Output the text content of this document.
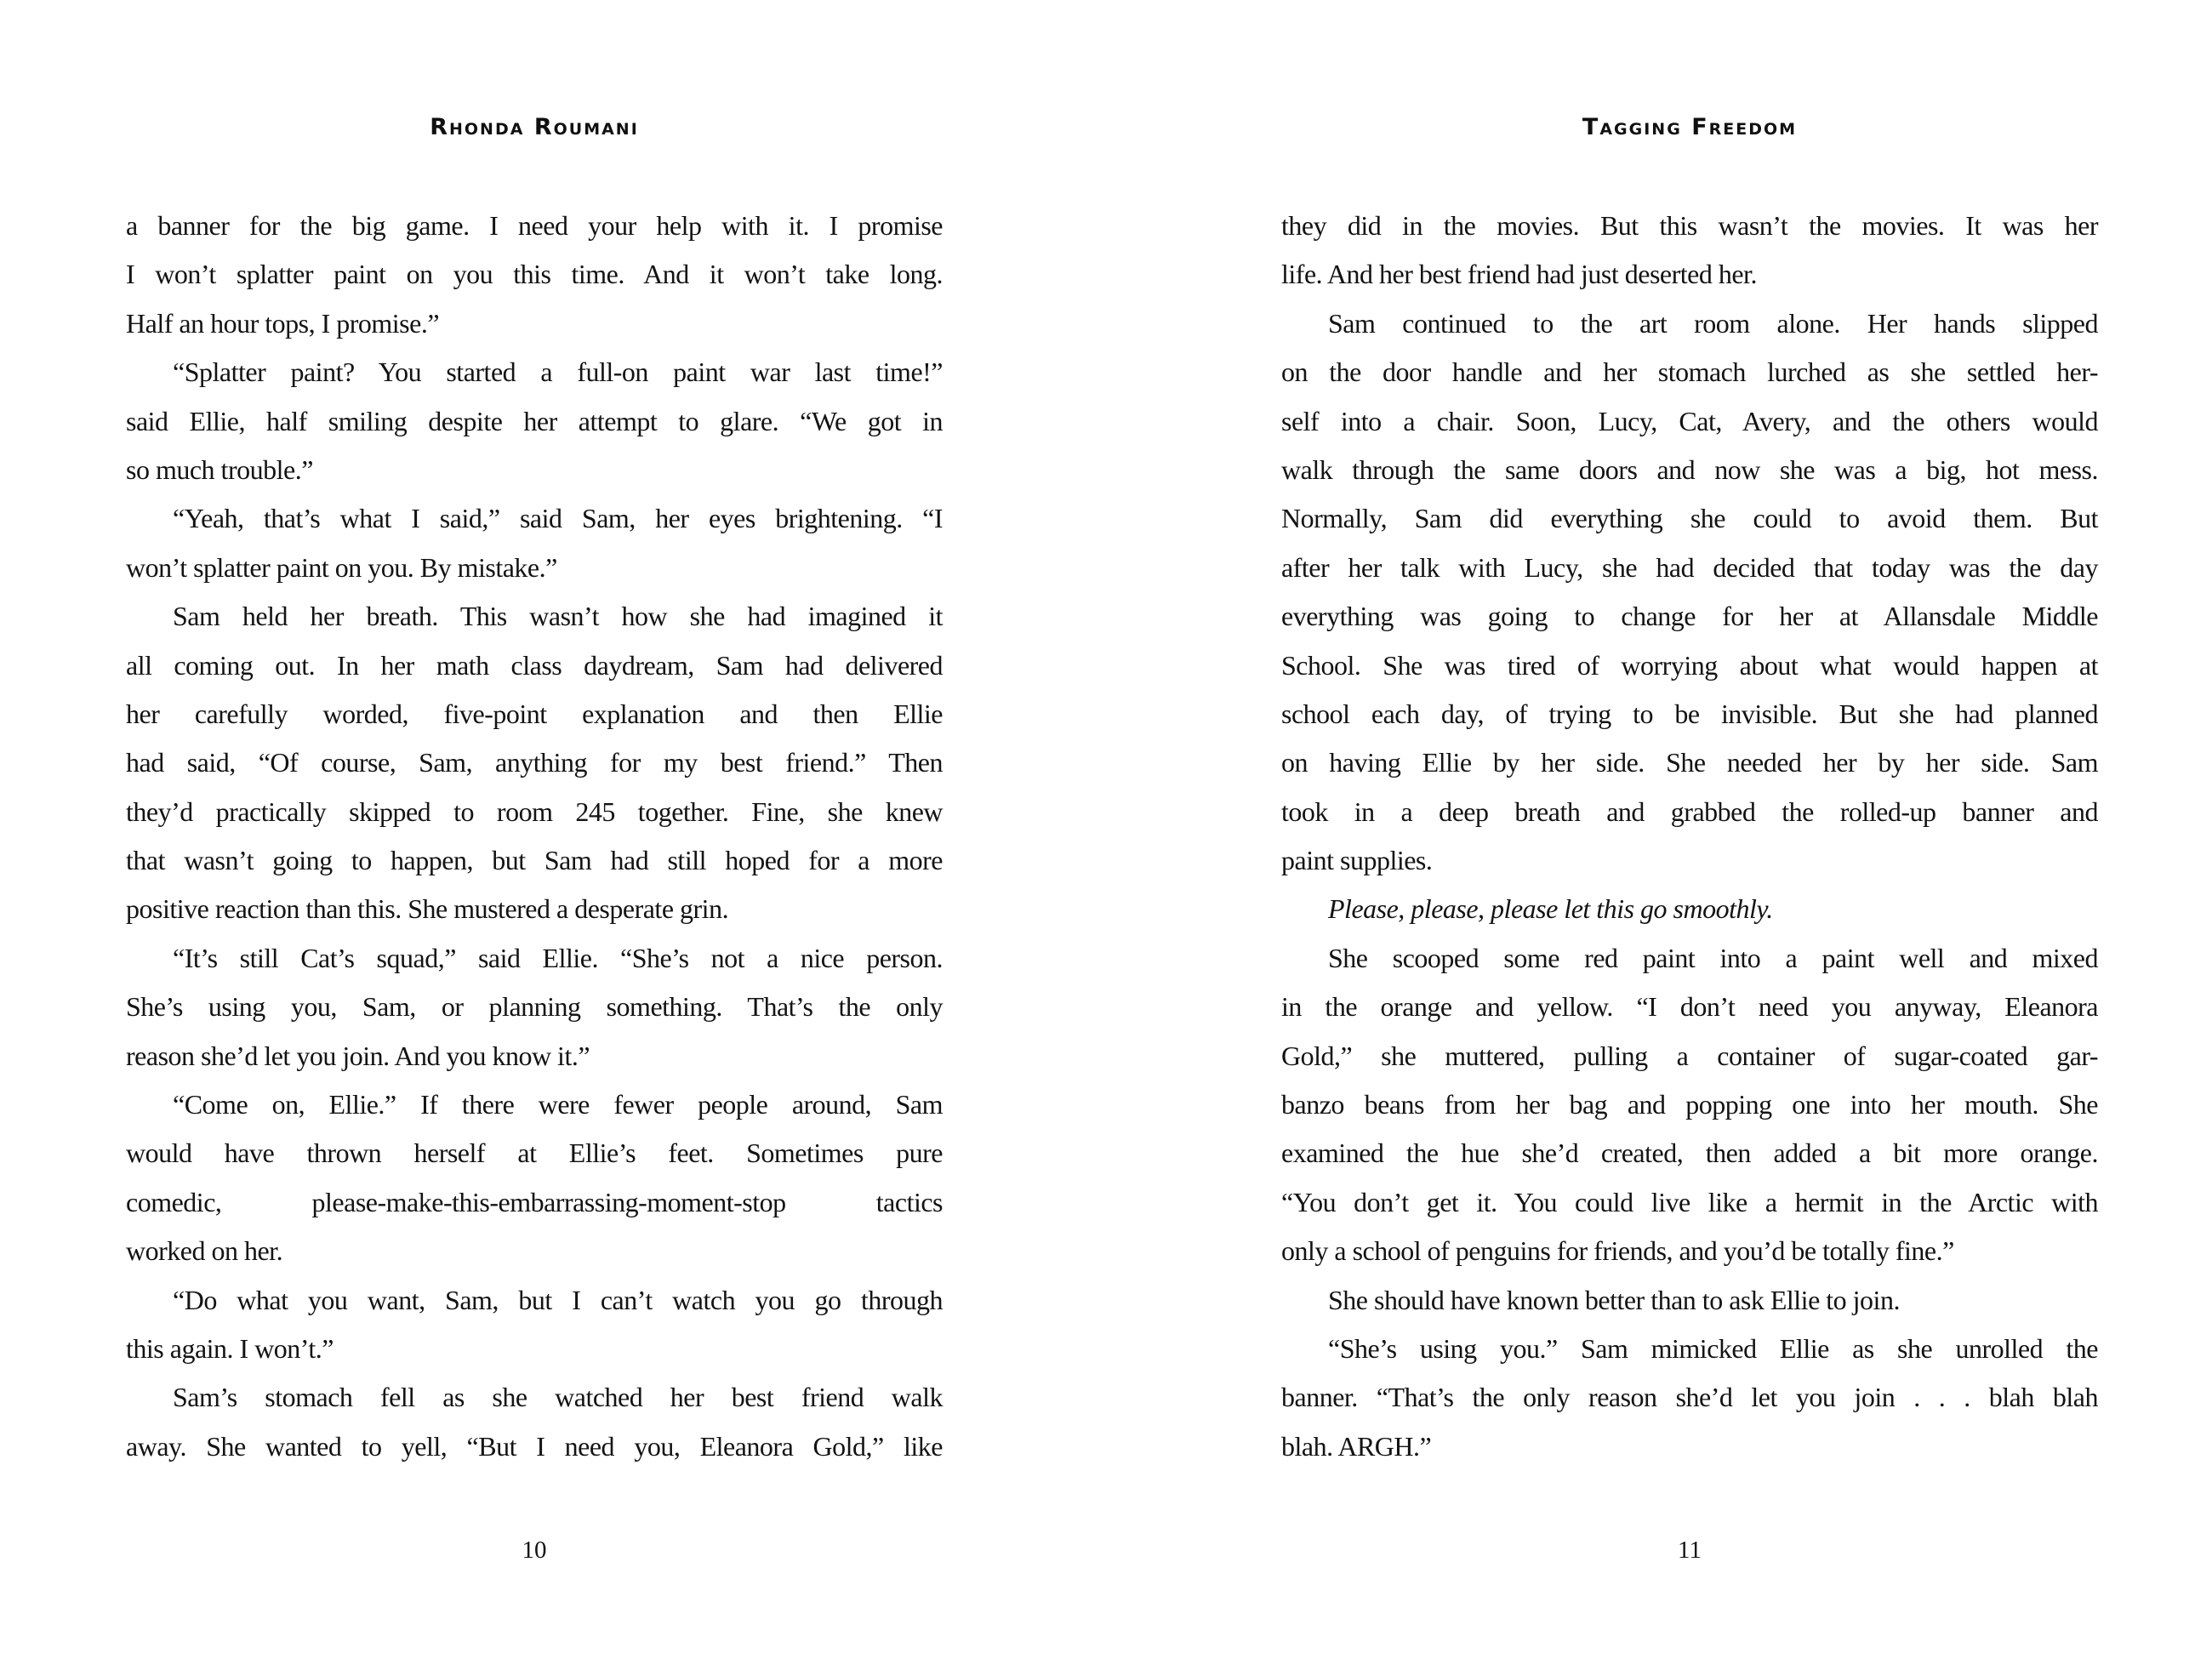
Rhonda Roumani
a banner for the big game. I need your help with it. I promise
I won’t splatter paint on you this time. And it won’t take long.
Half an hour tops, I promise.”
“Splatter paint? You started a full-on paint war last time!”
said Ellie, half smiling despite her attempt to glare. “We got in
so much trouble.”
“Yeah, that’s what I said,” said Sam, her eyes brightening. “I
won’t splatter paint on you. By mistake.”
Sam held her breath. This wasn’t how she had imagined it
all coming out. In her math class daydream, Sam had delivered
her carefully worded, five-point explanation and then Ellie
had said, “Of course, Sam, anything for my best friend.” Then
they’d practically skipped to room 245 together. Fine, she knew
that wasn’t going to happen, but Sam had still hoped for a more
positive reaction than this. She mustered a desperate grin.
“It’s still Cat’s squad,” said Ellie. “She’s not a nice person.
She’s using you, Sam, or planning something. That’s the only
reason she’d let you join. And you know it.”
“Come on, Ellie.” If there were fewer people around, Sam
would have thrown herself at Ellie’s feet. Sometimes pure
comedic, please-make-this-embarrassing-moment-stop tactics
worked on her.
“Do what you want, Sam, but I can’t watch you go through
this again. I won’t.”
Sam’s stomach fell as she watched her best friend walk
away. She wanted to yell, “But I need you, Eleanora Gold,” like
10
Tagging Freedom
they did in the movies. But this wasn’t the movies. It was her
life. And her best friend had just deserted her.
Sam continued to the art room alone. Her hands slipped
on the door handle and her stomach lurched as she settled her-
self into a chair. Soon, Lucy, Cat, Avery, and the others would
walk through the same doors and now she was a big, hot mess.
Normally, Sam did everything she could to avoid them. But
after her talk with Lucy, she had decided that today was the day
everything was going to change for her at Allansdale Middle
School. She was tired of worrying about what would happen at
school each day, of trying to be invisible. But she had planned
on having Ellie by her side. She needed her by her side. Sam
took in a deep breath and grabbed the rolled-up banner and
paint supplies.
Please, please, please let this go smoothly.
She scooped some red paint into a paint well and mixed
in the orange and yellow. “I don’t need you anyway, Eleanora
Gold,” she muttered, pulling a container of sugar-coated gar-
banzo beans from her bag and popping one into her mouth. She
examined the hue she’d created, then added a bit more orange.
“You don’t get it. You could live like a hermit in the Arctic with
only a school of penguins for friends, and you’d be totally fine.”
She should have known better than to ask Ellie to join.
“She’s using you.” Sam mimicked Ellie as she unrolled the
banner. “That’s the only reason she’d let you join . . . blah blah
blah. ARGH.”
11
